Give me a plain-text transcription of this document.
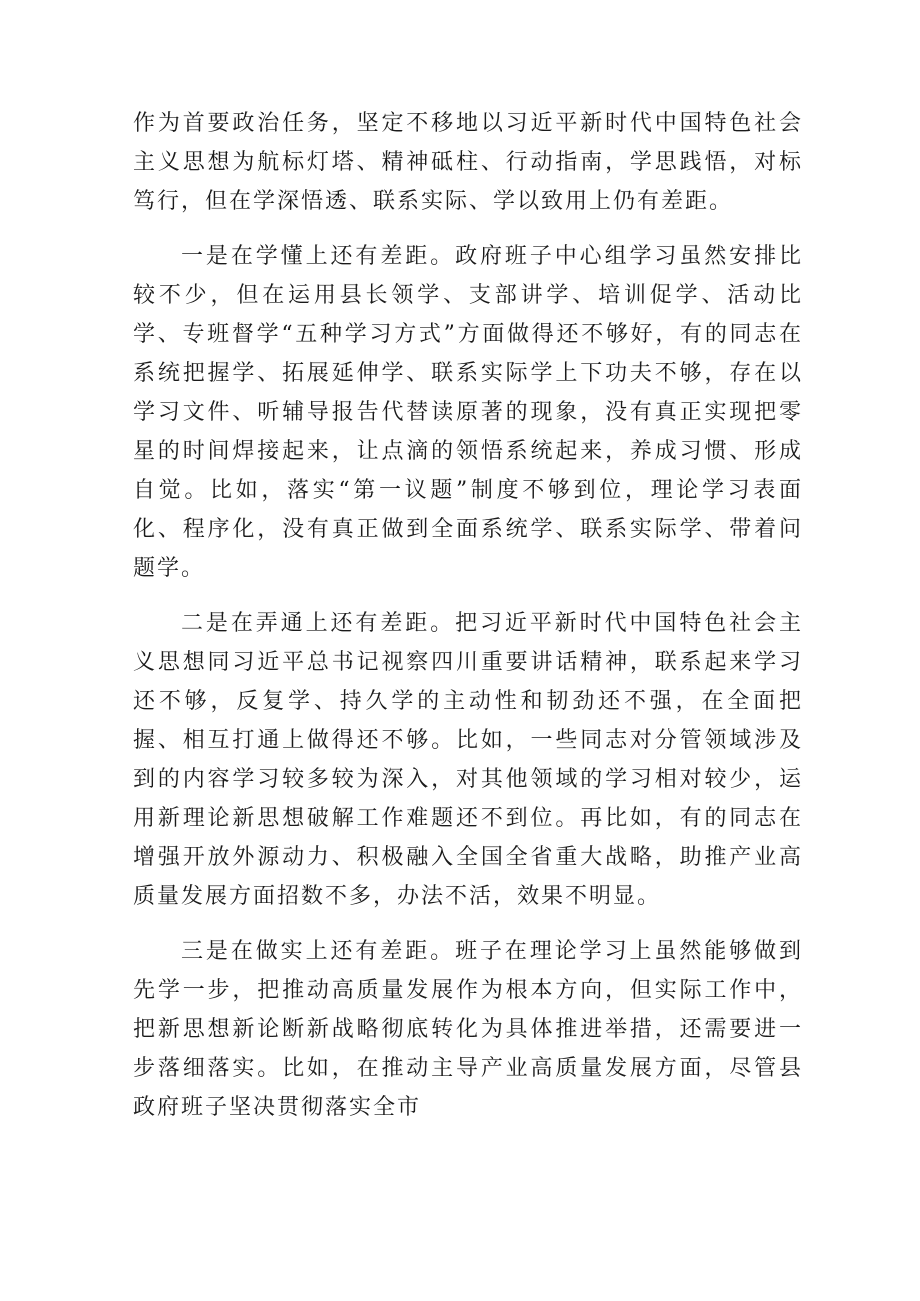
作为首要政治任务，坚定不移地以习近平新时代中国特色社会主义思想为航标灯塔、精神砥柱、行动指南，学思践悟，对标笃行，但在学深悟透、联系实际、学以致用上仍有差距。

一是在学懂上还有差距。政府班子中心组学习虽然安排比较不少，但在运用县长领学、支部讲学、培训促学、活动比学、专班督学“五种学习方式”方面做得还不够好，有的同志在系统把握学、拓展延伸学、联系实际学上下功夫不够，存在以学习文件、听辅导报告代替读原著的现象，没有真正实现把零星的时间焊接起来，让点滴的领悟系统起来，养成习惯、形成自觉。比如，落实“第一议题”制度不够到位，理论学习表面化、程序化，没有真正做到全面系统学、联系实际学、带着问题学。

二是在弄通上还有差距。把习近平新时代中国特色社会主义思想同习近平总书记视察四川重要讲话精神，联系起来学习还不够，反复学、持久学的主动性和韧劲还不强，在全面把握、相互打通上做得还不够。比如，一些同志对分管领域涉及到的内容学习较多较为深入，对其他领域的学习相对较少，运用新理论新思想破解工作难题还不到位。再比如，有的同志在增强开放外源动力、积极融入全国全省重大战略，助推产业高质量发展方面招数不多，办法不活，效果不明显。

三是在做实上还有差距。班子在理论学习上虽然能够做到先学一步，把推动高质量发展作为根本方向，但实际工作中，把新思想新论断新战略彻底转化为具体推进举措，还需要进一步落细落实。比如，在推动主导产业高质量发展方面，尽管县政府班子坚决贯彻落实全市
